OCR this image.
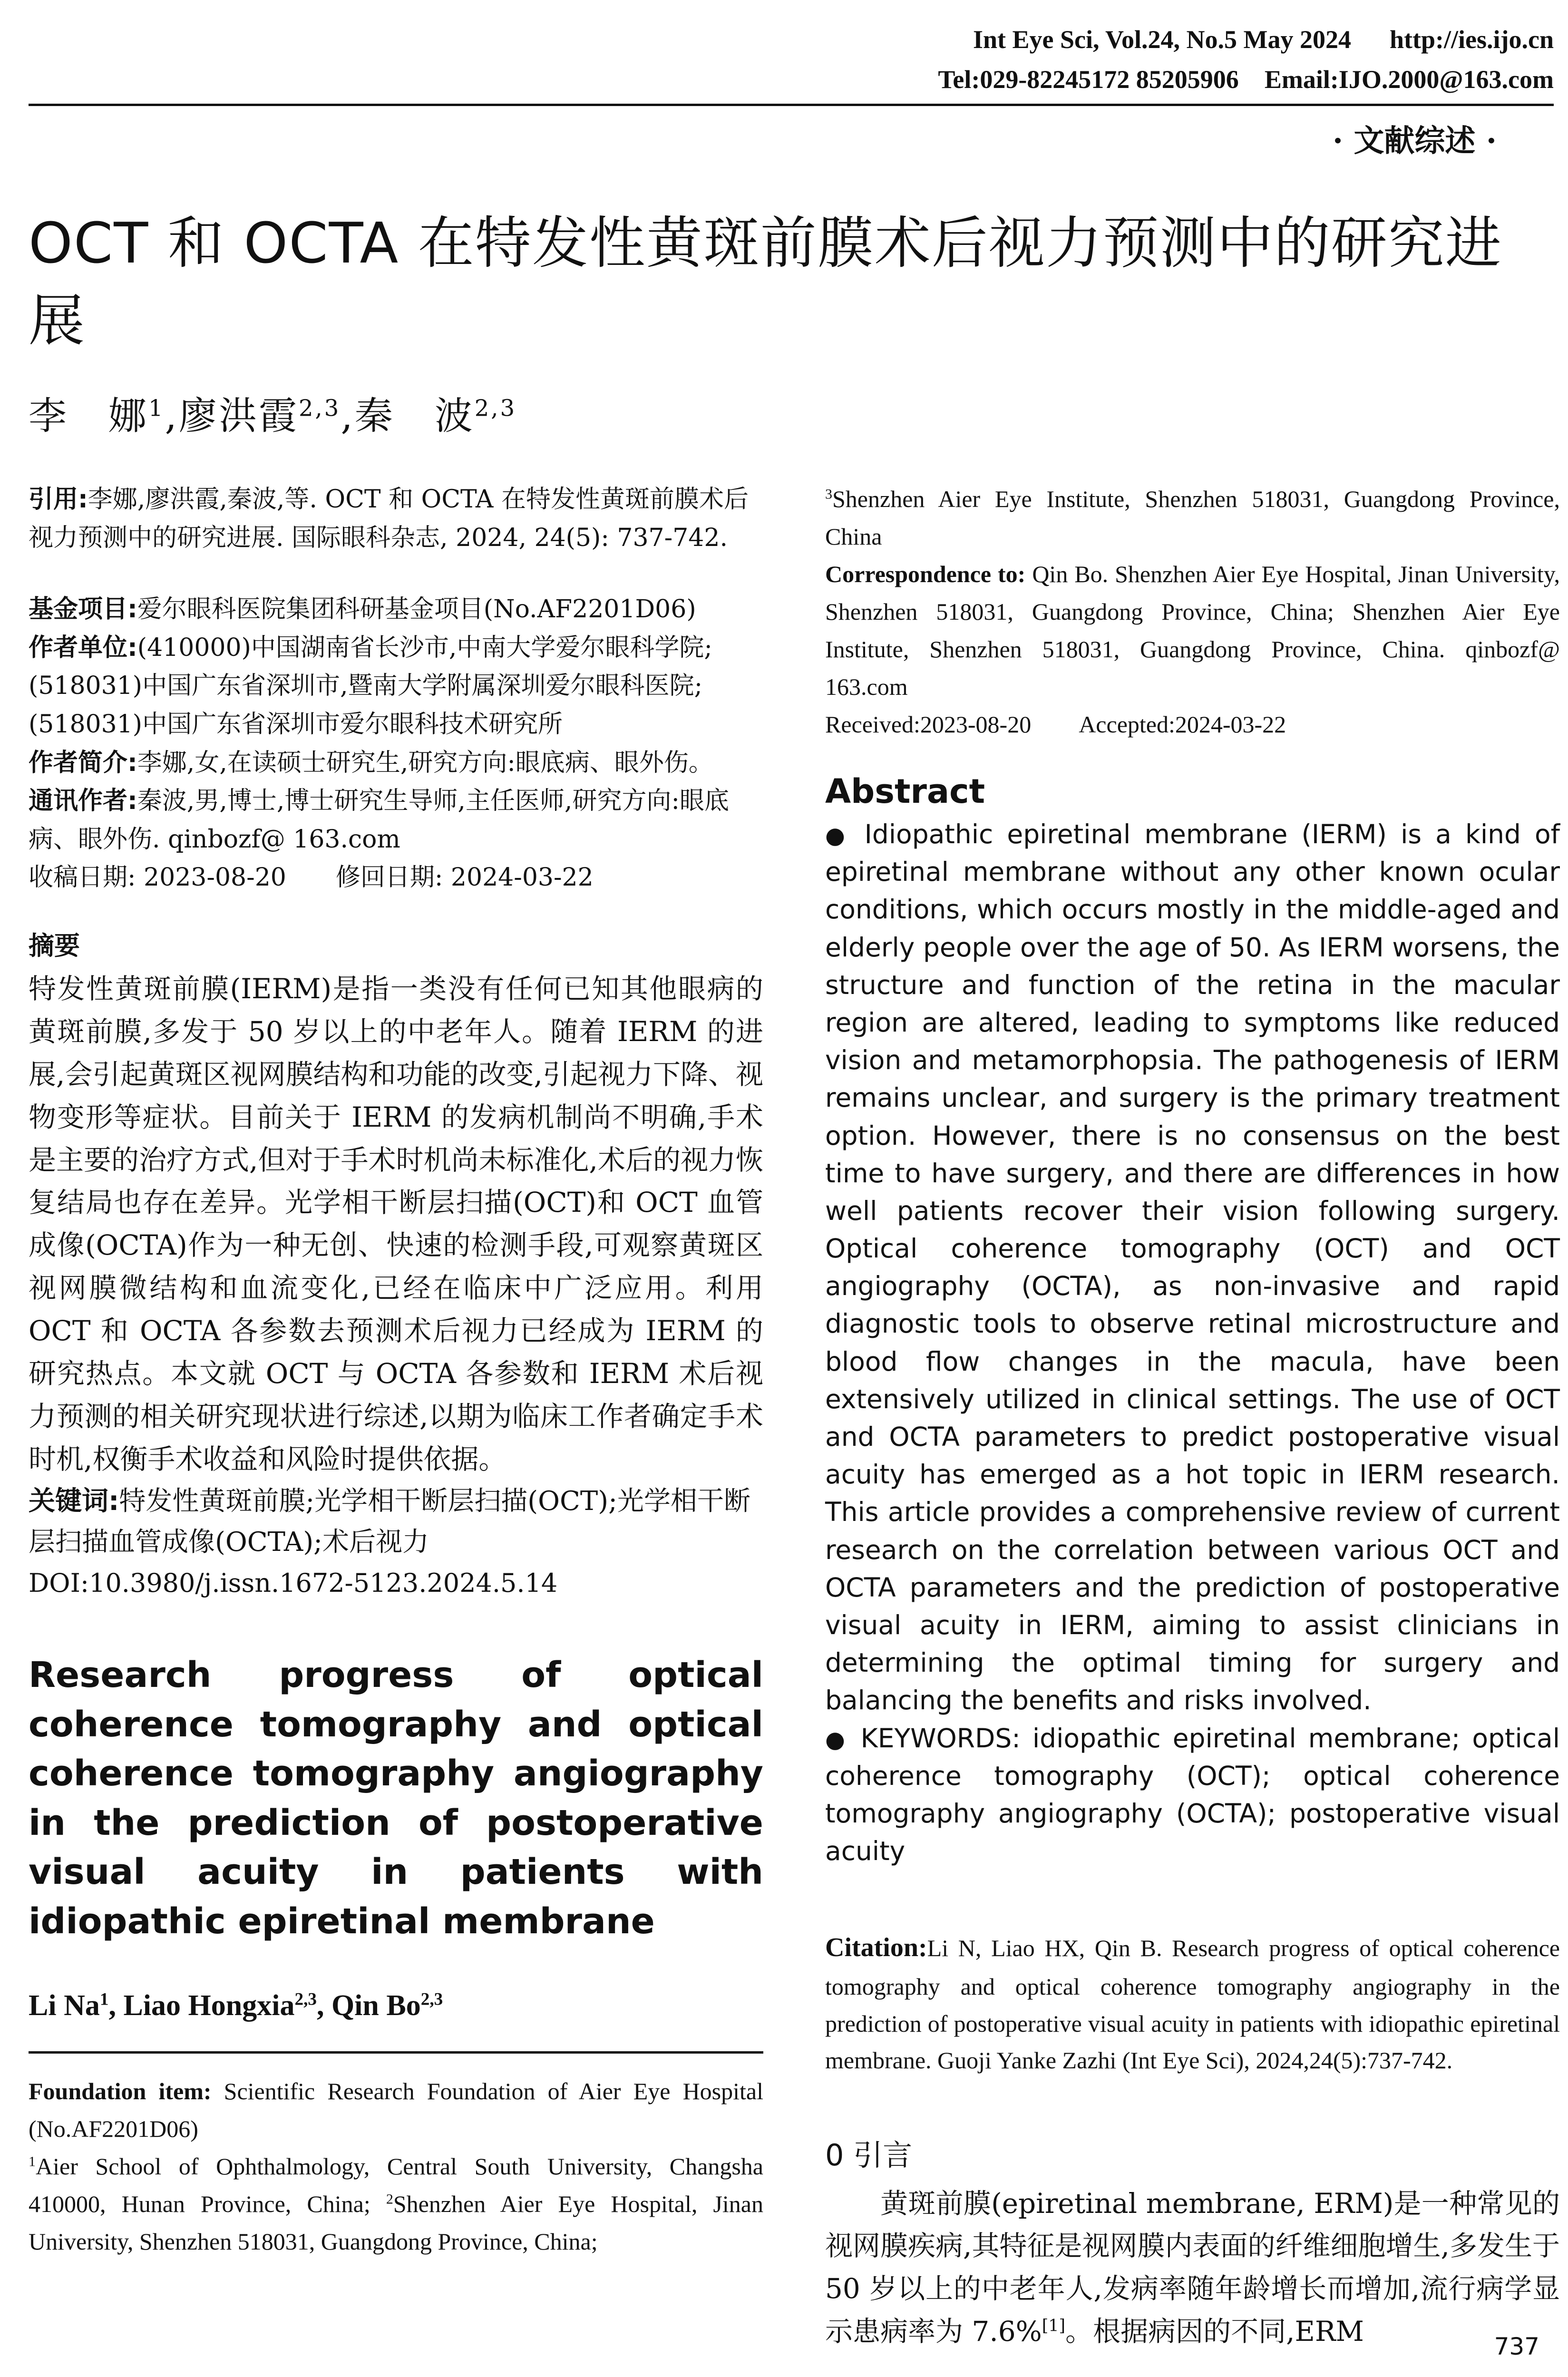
Int Eye Sci, Vol.24, No.5 May 2024 http://ies.ijo.cn
Tel:029-82245172 85205906 Email:IJO.2000@163.com
· 文献综述 ·
OCT 和 OCTA 在特发性黄斑前膜术后视力预测中的研究进展
李　娜$^1$,廖洪霞$^{2,3}$,秦　波$^{2,3}$

引用:李娜,廖洪霞,秦波,等. OCT 和 OCTA 在特发性黄斑前膜术后视力预测中的研究进展. 国际眼科杂志, 2024, 24(5): 737-742.

基金项目:爱尔眼科医院集团科研基金项目(No.AF2201D06)

作者单位:(410000)中国湖南省长沙市,中南大学爱尔眼科学院; (518031)中国广东省深圳市,暨南大学附属深圳爱尔眼科医院; (518031)中国广东省深圳市爱尔眼科技术研究所

作者简介:李娜,女,在读硕士研究生,研究方向:眼底病、眼外伤。

通讯作者:秦波,男,博士,博士研究生导师,主任医师,研究方向:眼底病、眼外伤. qinbozf@ 163.com

收稿日期: 2023-08-20　　修回日期: 2024-03-22

摘要

特发性黄斑前膜(IERM)是指一类没有任何已知其他眼病的黄斑前膜,多发于 50 岁以上的中老年人。随着 IERM 的进展,会引起黄斑区视网膜结构和功能的改变,引起视力下降、视物变形等症状。目前关于 IERM 的发病机制尚不明确,手术是主要的治疗方式,但对于手术时机尚未标准化,术后的视力恢复结局也存在差异。光学相干断层扫描(OCT)和 OCT 血管成像(OCTA)作为一种无创、快速的检测手段,可观察黄斑区视网膜微结构和血流变化,已经在临床中广泛应用。利用 OCT 和 OCTA 各参数去预测术后视力已经成为 IERM 的研究热点。本文就 OCT 与 OCTA 各参数和 IERM 术后视力预测的相关研究现状进行综述,以期为临床工作者确定手术时机,权衡手术收益和风险时提供依据。

关键词:特发性黄斑前膜;光学相干断层扫描(OCT);光学相干断层扫描血管成像(OCTA);术后视力

DOI:10.3980/j.issn.1672-5123.2024.5.14

Research progress of optical coherence tomography and optical coherence tomography angiography in the prediction of postoperative visual acuity in patients with idiopathic epiretinal membrane

Li Na$^1$, Liao Hongxia$^{2,3}$, Qin Bo$^{2,3}$

Foundation item: Scientific Research Foundation of Aier Eye Hospital (No.AF2201D06)

$^1$Aier School of Ophthalmology, Central South University, Changsha 410000, Hunan Province, China; $^2$Shenzhen Aier Eye Hospital, Jinan University, Shenzhen 518031, Guangdong Province, China;

$^3$Shenzhen Aier Eye Institute, Shenzhen 518031, Guangdong Province, China

Correspondence to: Qin Bo. Shenzhen Aier Eye Hospital, Jinan University, Shenzhen 518031, Guangdong Province, China; Shenzhen Aier Eye Institute, Shenzhen 518031, Guangdong Province, China. qinbozf@ 163.com

Received:2023-08-20　　Accepted:2024-03-22

Abstract

● Idiopathic epiretinal membrane (IERM) is a kind of epiretinal membrane without any other known ocular conditions, which occurs mostly in the middle-aged and elderly people over the age of 50. As IERM worsens, the structure and function of the retina in the macular region are altered, leading to symptoms like reduced vision and metamorphopsia. The pathogenesis of IERM remains unclear, and surgery is the primary treatment option. However, there is no consensus on the best time to have surgery, and there are differences in how well patients recover their vision following surgery. Optical coherence tomography (OCT) and OCT angiography (OCTA), as non-invasive and rapid diagnostic tools to observe retinal microstructure and blood flow changes in the macula, have been extensively utilized in clinical settings. The use of OCT and OCTA parameters to predict postoperative visual acuity has emerged as a hot topic in IERM research. This article provides a comprehensive review of current research on the correlation between various OCT and OCTA parameters and the prediction of postoperative visual acuity in IERM, aiming to assist clinicians in determining the optimal timing for surgery and balancing the benefits and risks involved.

● KEYWORDS: idiopathic epiretinal membrane; optical coherence tomography (OCT); optical coherence tomography angiography (OCTA); postoperative visual acuity

Citation:Li N, Liao HX, Qin B. Research progress of optical coherence tomography and optical coherence tomography angiography in the prediction of postoperative visual acuity in patients with idiopathic epiretinal membrane. Guoji Yanke Zazhi (Int Eye Sci), 2024,24(5):737-742.

0 引言

黄斑前膜(epiretinal membrane, ERM)是一种常见的视网膜疾病,其特征是视网膜内表面的纤维细胞增生,多发生于 50 岁以上的中老年人,发病率随年龄增长而增加,流行病学显示患病率为 7.6%[1]。根据病因的不同,ERM	737
